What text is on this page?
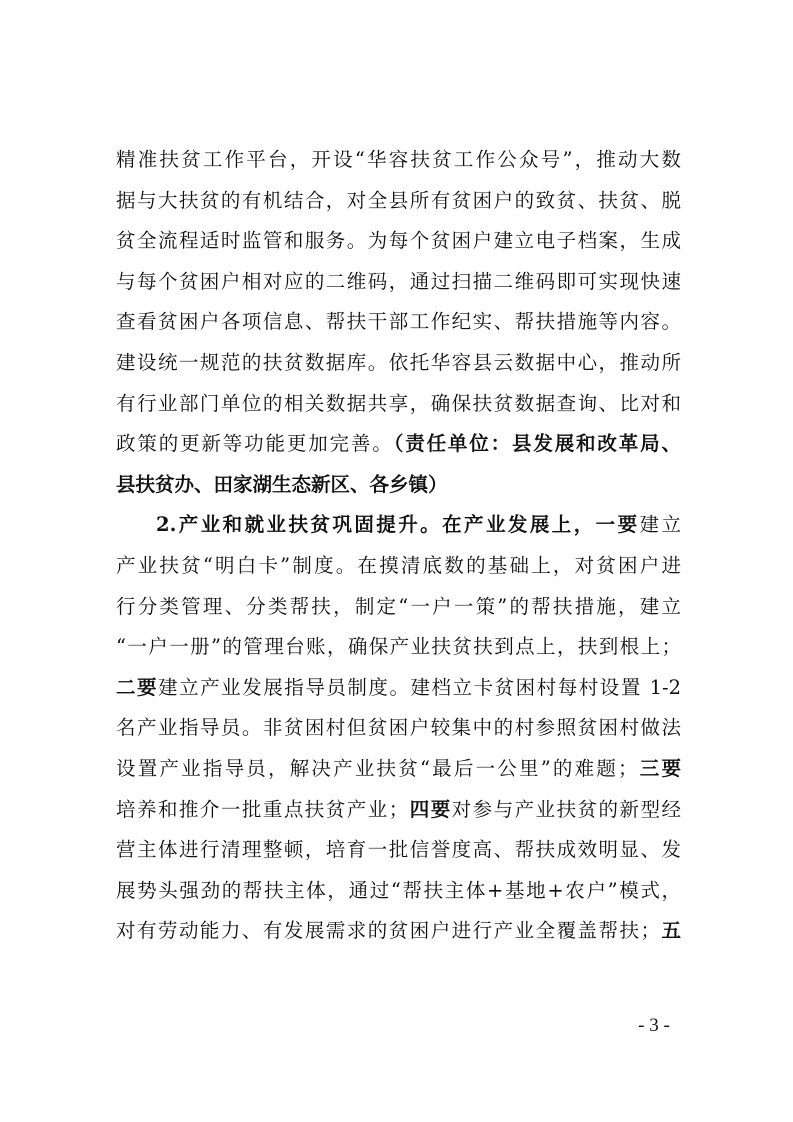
精准扶贫工作平台，开设“华容扶贫工作公众号”，推动大数
据与大扶贫的有机结合，对全县所有贫困户的致贫、扶贫、脱
贫全流程适时监管和服务。为每个贫困户建立电子档案，生成
与每个贫困户相对应的二维码，通过扫描二维码即可实现快速
查看贫困户各项信息、帮扶干部工作纪实、帮扶措施等内容。
建设统一规范的扶贫数据库。依托华容县云数据中心，推动所
有行业部门单位的相关数据共享，确保扶贫数据查询、比对和
政策的更新等功能更加完善。（责任单位：县发展和改革局、
县扶贫办、田家湖生态新区、各乡镇）
2.产业和就业扶贫巩固提升。在产业发展上，一要建立
产业扶贫“明白卡”制度。在摸清底数的基础上，对贫困户进
行分类管理、分类帮扶，制定“一户一策”的帮扶措施，建立
“一户一册”的管理台账，确保产业扶贫扶到点上，扶到根上；
二要建立产业发展指导员制度。建档立卡贫困村每村设置 1-2
名产业指导员。非贫困村但贫困户较集中的村参照贫困村做法
设置产业指导员，解决产业扶贫“最后一公里”的难题；三要
培养和推介一批重点扶贫产业；四要对参与产业扶贫的新型经
营主体进行清理整顿，培育一批信誉度高、帮扶成效明显、发
展势头强劲的帮扶主体，通过“帮扶主体+基地+农户”模式，
对有劳动能力、有发展需求的贫困户进行产业全覆盖帮扶；五
- 3 -
